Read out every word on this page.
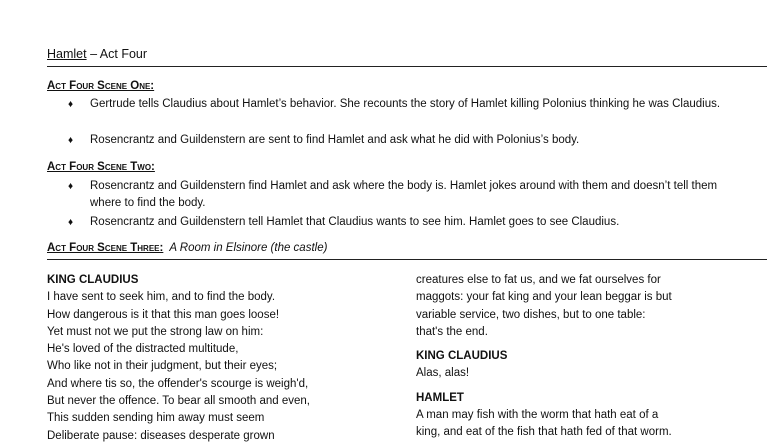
Hamlet – Act Four
Act Four Scene One:
♦ Gertrude tells Claudius about Hamlet’s behavior. She recounts the story of Hamlet killing Polonius thinking he was Claudius.
♦ Rosencrantz and Guildenstern are sent to find Hamlet and ask what he did with Polonius’s body.
Act Four Scene Two:
♦ Rosencrantz and Guildenstern find Hamlet and ask where the body is. Hamlet jokes around with them and doesn’t tell them where to find the body.
♦ Rosencrantz and Guildenstern tell Hamlet that Claudius wants to see him. Hamlet goes to see Claudius.
Act Four Scene Three: A Room in Elsinore (the castle)
KING CLAUDIUS
I have sent to seek him, and to find the body.
How dangerous is it that this man goes loose!
Yet must not we put the strong law on him:
He's loved of the distracted multitude,
Who like not in their judgment, but their eyes;
And where tis so, the offender's scourge is weigh'd,
But never the offence. To bear all smooth and even,
This sudden sending him away must seem
Deliberate pause: diseases desperate grown
creatures else to fat us, and we fat ourselves for
maggots: your fat king and your lean beggar is but
variable service, two dishes, but to one table:
that's the end.
KING CLAUDIUS
Alas, alas!
HAMLET
A man may fish with the worm that hath eat of a
king, and eat of the fish that hath fed of that worm.
